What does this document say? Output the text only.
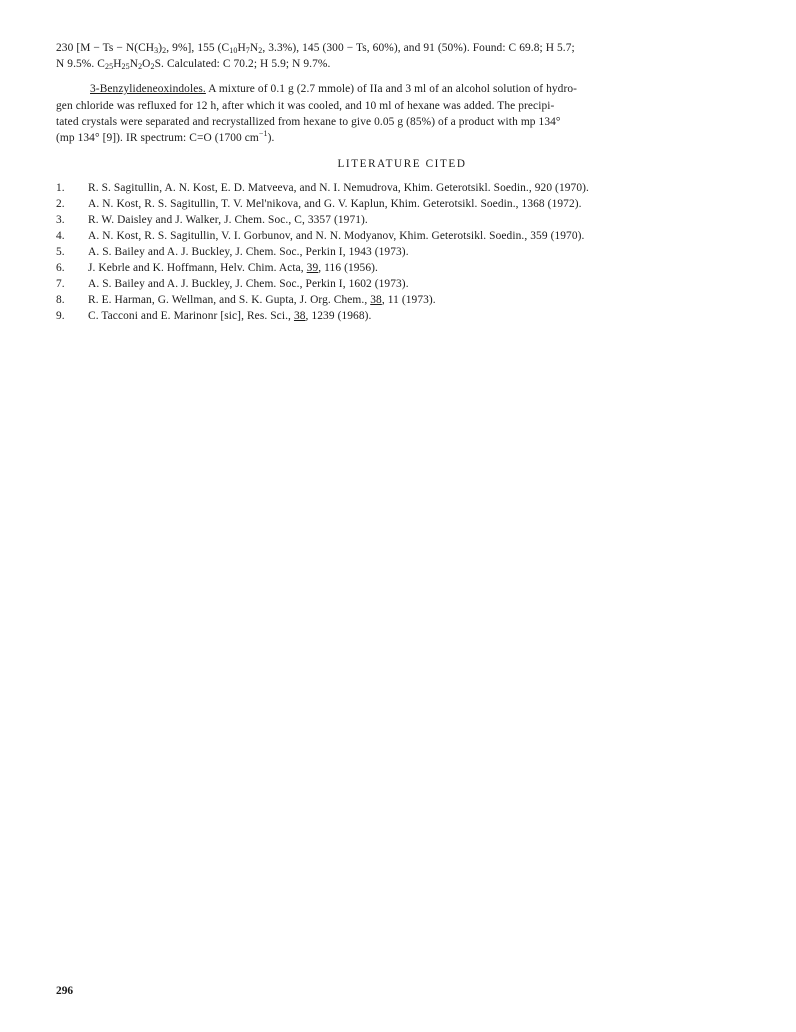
230 [$M - Ts - N(CH_3)_2$, 9%], 155 ($C_{10}H_7N_2$, 3.3%), 145 (300 − Ts, 60%), and 91 (50%). Found: C 69.8; H 5.7;
N 9.5%. $C_{25}H_{25}N_2O_2S$. Calculated: C 70.2; H 5.9; N 9.7%.
3-Benzylideneoxindoles. A mixture of 0.1 g (2.7 mmole) of IIa and 3 ml of an alcohol solution of hydro-
gen chloride was refluxed for 12 h, after which it was cooled, and 10 ml of hexane was added. The precipi-
tated crystals were separated and recrystallized from hexane to give 0.05 g (85%) of a product with mp 134°
(mp 134° [9]). IR spectrum: C=O (1700 $cm^{-1}$).
LITERATURE CITED
1.	R. S. Sagitullin, A. N. Kost, E. D. Matveeva, and N. I. Nemudrova, Khim. Geterotsikl. Soedin., 920 (1970).
2.	A. N. Kost, R. S. Sagitullin, T. V. Mel'nikova, and G. V. Kaplun, Khim. Geterotsikl. Soedin., 1368 (1972).
3.	R. W. Daisley and J. Walker, J. Chem. Soc., C, 3357 (1971).
4.	A. N. Kost, R. S. Sagitullin, V. I. Gorbunov, and N. N. Modyanov, Khim. Geterotsikl. Soedin., 359 (1970).
5.	A. S. Bailey and A. J. Buckley, J. Chem. Soc., Perkin I, 1943 (1973).
6.	J. Kebrle and K. Hoffmann, Helv. Chim. Acta, 39, 116 (1956).
7.	A. S. Bailey and A. J. Buckley, J. Chem. Soc., Perkin I, 1602 (1973).
8.	R. E. Harman, G. Wellman, and S. K. Gupta, J. Org. Chem., 38, 11 (1973).
9.	C. Tacconi and E. Marinonr [sic], Res. Sci., 38, 1239 (1968).
296
